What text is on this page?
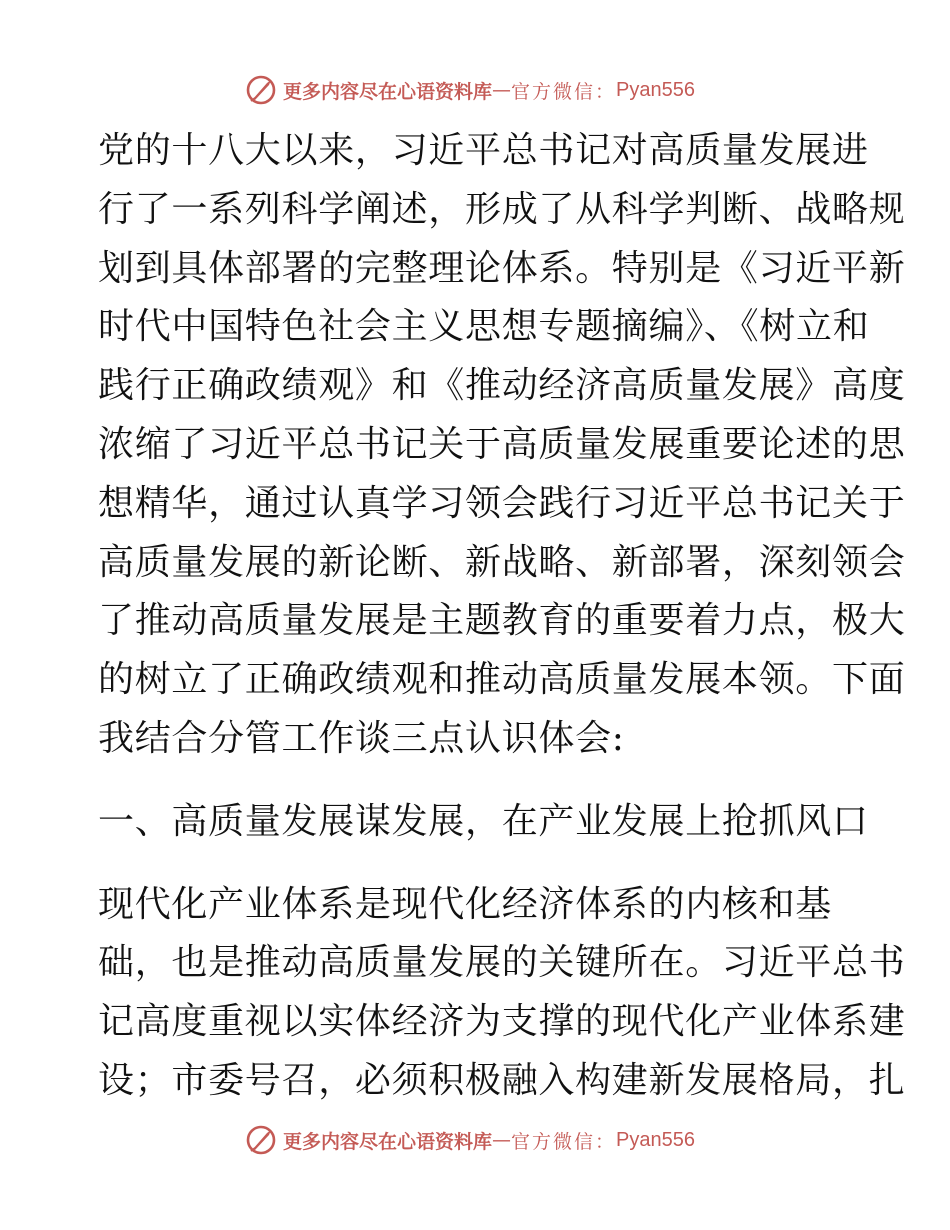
更多内容尽在心语资料库 — 官方微信： Pyan556
党的十八大以来，习近平总书记对高质量发展进
行了一系列科学阐述，形成了从科学判断、战略规
划到具体部署的完整理论体系。特别是《习近平新
时代中国特色社会主义思想专题摘编》、《树立和
践行正确政绩观》和《推动经济高质量发展》高度
浓缩了习近平总书记关于高质量发展重要论述的思
想精华，通过认真学习领会践行习近平总书记关于
高质量发展的新论断、新战略、新部署，深刻领会
了推动高质量发展是主题教育的重要着力点，极大
的树立了正确政绩观和推动高质量发展本领。下面
我结合分管工作谈三点认识体会:
一、高质量发展谋发展，在产业发展上抢抓风口
现代化产业体系是现代化经济体系的内核和基
础，也是推动高质量发展的关键所在。习近平总书
记高度重视以实体经济为支撑的现代化产业体系建
设；市委号召，必须积极融入构建新发展格局，扎
更多内容尽在心语资料库 — 官方微信： Pyan556
